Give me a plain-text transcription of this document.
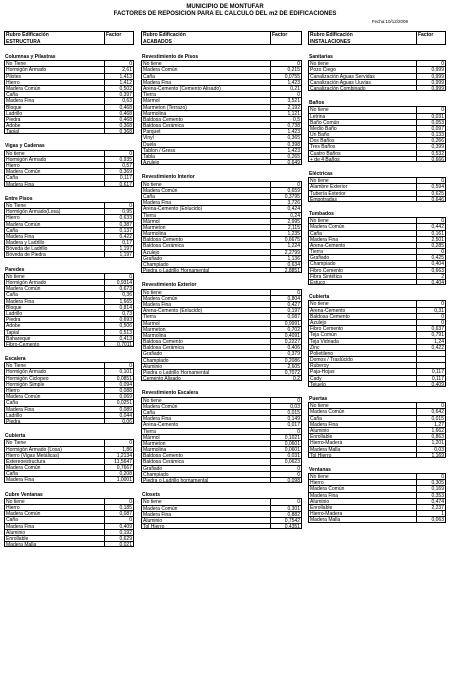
MUNICIPIO DE MONTUFAR
FACTORES DE REPOSICION PARA EL CALCULO DEL m2 DE EDIFICACIONES
Fecha:10/12/2009
Rubro Edificación
ESTRUCTURA
Factor
Columnas y Pilastras
No Tiene	0
Hormigón Armado	2,61
Pilotes	1,413
Hierro	1,412
Madera Común	0,502
Caña	0,397
Madera Fina	0,63
Bloque	0,468
Ladrillo	0,468
Piedra	0,468
Adobe	0,368
Tapial	0,368
Vigas y Cadenas
No tiene	0
Hormigón Armado	0,935
Hierro	0,57
Madera Común	0,369
Caña	0,117
Madera Fina	0,617
Entre Pisos
No Tiene	0
Hormigón Armado(Losa)	0,95
Hierro	0,633
Madera Común	0,387
Caña	0,137
Madera Fina	0,422
Madera y Ladrillo	0,17
Bóveda de Ladrillo	1,197
Bóveda de Piedra	1,197
Paredes
No tiene	0
Hormigón Armado	0,9314
Madera Común	0,673
Caña	0,36
Madera Fina	1,665
Bloque	0,814
Ladrillo	0,73
Piedra	0,693
Adobe	0,506
Tapial	0,513
Bahareque	0,413
Fibro-Cemento	0,7011
Escalera
No Tiene	0
Hormigón Armado	0,101
Hormigón Ciclopeo	0,0851
Hormigón Simple	0,094
Hierro	0,088
Madera Común	0,069
Caña	0,0251
Madera Fina	0,089
Ladrillo	0,044
Piedra	0,06
Cubierta
No Tiene	0
Hormigón Armado (Losa)	1,86
Hierro (Vigas Metálicas)	1,2134
Estereoestructura	11,5647
Madera Común	0,7667
Caña	0,208
Madera Fina	1,0001
Cubre Ventanas
No tiene	0
Hierro	0,185
Madera Común	0,087
Caña	0
Madera Fina	0,409
Aluminio	0,192
Enrollable	0,629
Madera Malla	0,021
Rubro Edificación
ACABADOS
Factor
Revestimiento de Pisos
No tiene	0
Madera Común	0,215
Caña	0,0755
Madera Fina	1,423
Arena-Cemento (Cemento Alisado)	0,21
Tierra	0
Mármol	3,521
Marmeton (Terrazo)	2,192
Marmolina	1,121
Baldosa Cemento	0,5
Baldosa Cerámica	0,738
Parquet	1,423
Vinyl	0,365
Duela	0,398
Tablon / Gress	1,423
Tabla	0,265
Azulejo	0,649
Revestimiento Interior
No tiene	0
Madera Común	0,659
Caña	0,3795
Madera Fina	3,726
Arena-Cemento (Enlucido)	0,424
Tierra	0,24
Mármol	2,995
Marmeton	2,115
Marmolina	1,235
Baldosa Cemento	0,6675
Baldosa Cerámica	1,224
Azulejo	2,2799
Grafiado	1,136
Champiado	0,634
Piedra o Ladrillo Hornamental	2,8851
Revestimiento Exterior
No tiene	0
Madera Común	0,804
Madera Fina	0,427
Arena-Cemento (Enlucido)	0,197
Tierra	0,087
Marmol	0,9991
Marmeton	0,702
Marmolina	0,4091
Baldosa Cemento	0,2227
Baldosa Cerámica	0,406
Grafiado	0,379
Champiado	0,2086
Aluminio	2,605
Piedra o Ladrillo Hornamental	0,7072
Cemento Alisado	0,2
Revestimiento Escalera
No tiene	0
Madera Común	0,03
Caña	0,015
Madera Fina	0,149
Arena-Cemento	0,017
Tierra	0
Mármol	0,1021
Marmeton	0,0601
Marmolina	0,0601
Baldosa Cemento	0,031
Baldosa Cerámica	0,0623
Grafiado	0
Champiado	0
Piedra o Ladrillo hornamental	0,098
Closets
No tiene	0
Madera Común	0,301
Madera Fina	0,882
Aluminio	0,7542
Tol Hierro	0,4351
Rubro Edificación
INSTALACIONES
Factor
Sanitarias
No tiene	0
Pozo Ciego	0,999
Canalización Aguas Servidas	0,999
Canalización Aguas Lluvias	0,999
Canalización Combinado	0,999
Baños
No tiene	0
Letrina	0,031
Baño Común	0,053
Medio Baño	0,097
Un Baño	0,133
Dos Baños	0,266
Tres Baños	0,399
Cuatro Baños	0,532
+ de 4 Baños	0,666
Eléctricas
No tiene	0
Alambre Exterior	0,594
Tubería Exterior	0,625
Empotradas	0,646
Tumbados
No tiene	0
Madera Común	0,442
Caña	0,161
Madera Fina	2,501
Arena-Cemento	0,285
Tierra	0
Grafiado	0,425
Champiado	0,404
Fibro Cemento	0,663
Fibra Sintética	2
Estuco	0,404
Cubierta
No tiene	0
Arena-Cemento	0,31
Baldosa Cemento	0
Azulejo	0
Fibro Cemento	0,637
Teja Común	0,791
Teja Vidriada	1,24
Zinc	0,422
Polietileno
Domos / Traslúcido
Ruberoy
Paja-Hojas	0,117
Cady	0,117
Tejuelo	0,409
Puertas
No tiene	0
Madera Común	0,642
Caña	0,015
Madera Fina	1,27
Aluminio	1,662
Enrollable	0,863
Hierro-Madera	1,201
Madera Malla	0,03
Tol Hierro	1,169
Ventanas
No tiene	0
Hierro	0,305
Madera Común	0,169
Madera Fina	0,353
Aluminio	0,474
Enrollable	2,237
Hierro-Madera	1
Madera Malla	0,063
